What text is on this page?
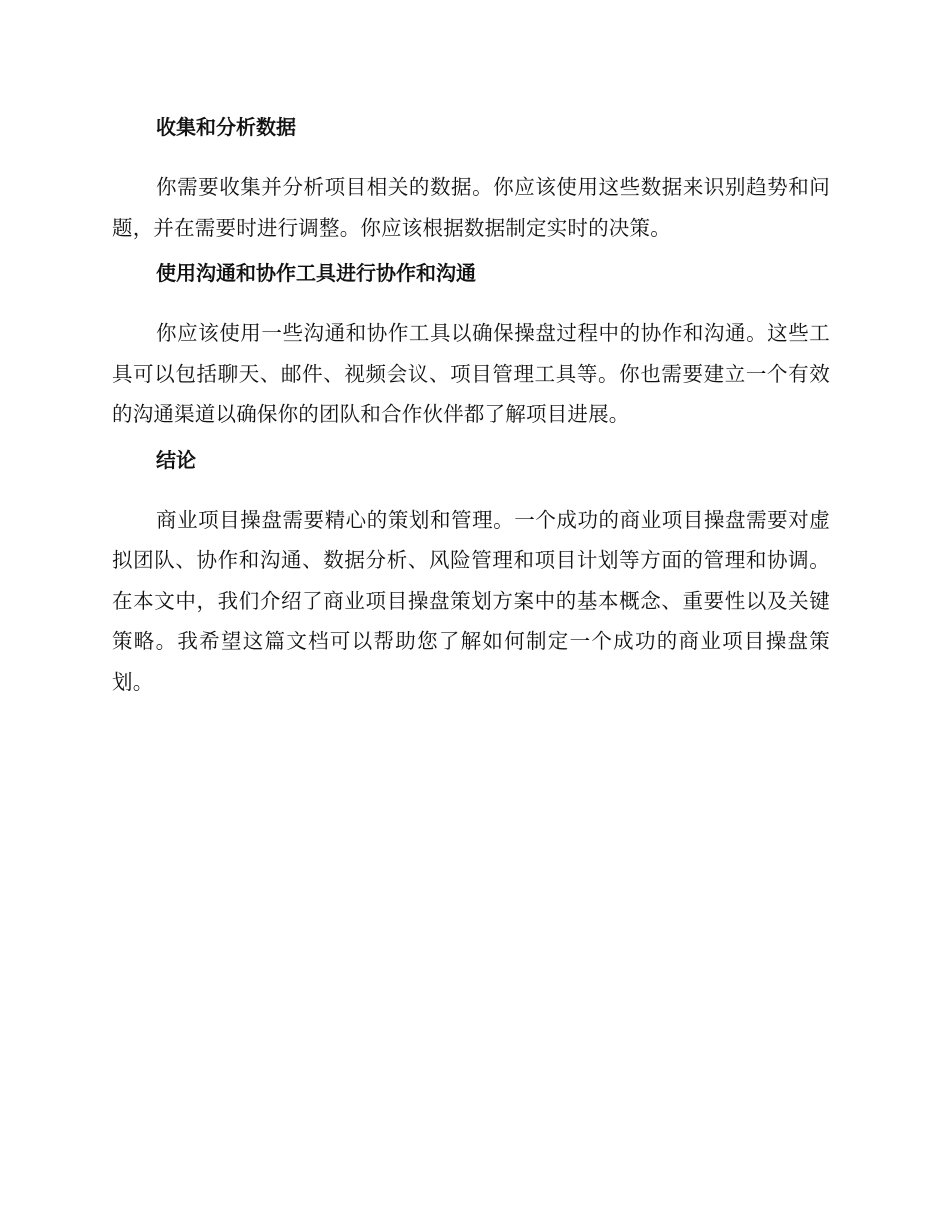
收集和分析数据

你需要收集并分析项目相关的数据。你应该使用这些数据来识别趋势和问题，并在需要时进行调整。你应该根据数据制定实时的决策。

使用沟通和协作工具进行协作和沟通

你应该使用一些沟通和协作工具以确保操盘过程中的协作和沟通。这些工具可以包括聊天、邮件、视频会议、项目管理工具等。你也需要建立一个有效的沟通渠道以确保你的团队和合作伙伴都了解项目进展。

结论

商业项目操盘需要精心的策划和管理。一个成功的商业项目操盘需要对虚拟团队、协作和沟通、数据分析、风险管理和项目计划等方面的管理和协调。在本文中，我们介绍了商业项目操盘策划方案中的基本概念、重要性以及关键策略。我希望这篇文档可以帮助您了解如何制定一个成功的商业项目操盘策划。
